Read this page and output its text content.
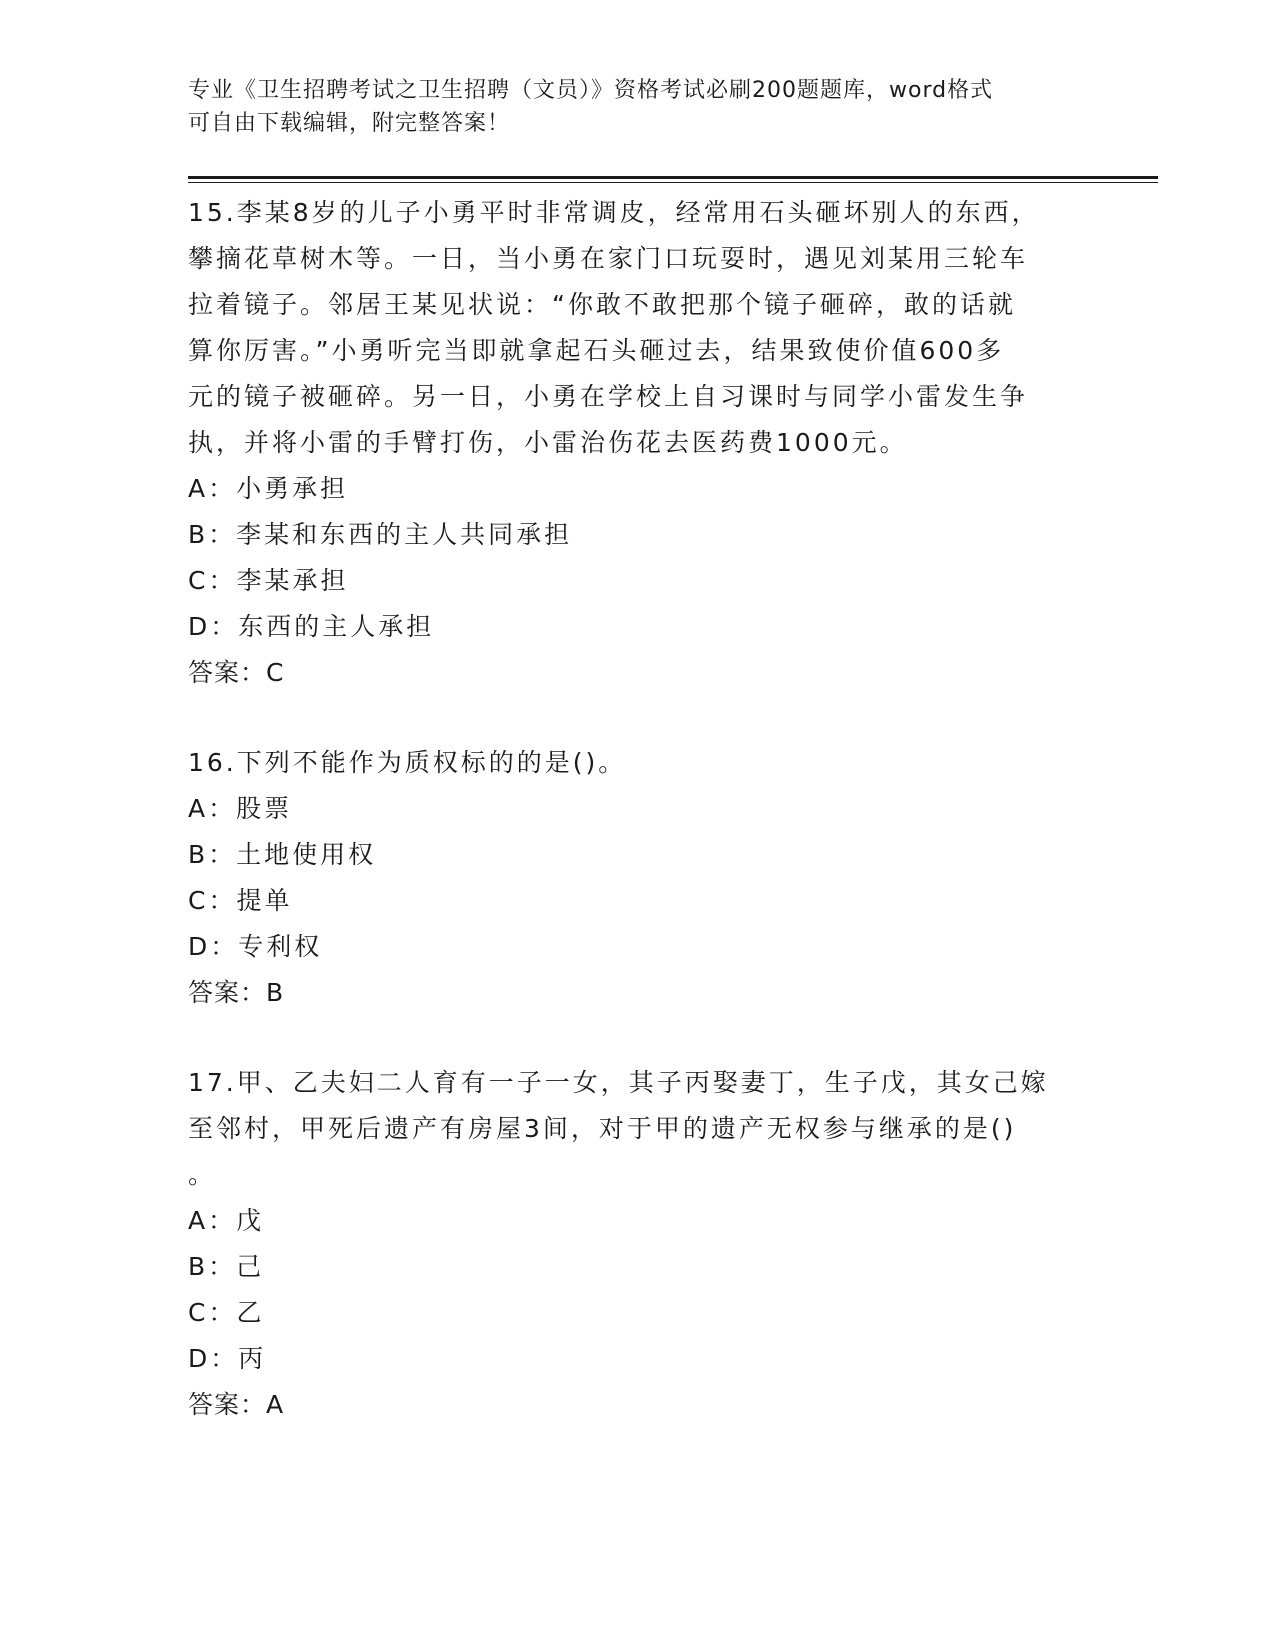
专业《卫生招聘考试之卫生招聘（文员）》资格考试必刷200题题库，word格式
可自由下载编辑，附完整答案！
15.李某8岁的儿子小勇平时非常调皮，经常用石头砸坏别人的东西，
攀摘花草树木等。一日，当小勇在家门口玩耍时，遇见刘某用三轮车
拉着镜子。邻居王某见状说：“你敢不敢把那个镜子砸碎，敢的话就
算你厉害。”小勇听完当即就拿起石头砸过去，结果致使价值600多
元的镜子被砸碎。另一日，小勇在学校上自习课时与同学小雷发生争
执，并将小雷的手臂打伤，小雷治伤花去医药费1000元。
A：小勇承担
B：李某和东西的主人共同承担
C：李某承担
D：东西的主人承担
答案：C
16.下列不能作为质权标的的是()。
A：股票
B：土地使用权
C：提单
D：专利权
答案：B
17.甲、乙夫妇二人育有一子一女，其子丙娶妻丁，生子戊，其女己嫁
至邻村，甲死后遗产有房屋3间，对于甲的遗产无权参与继承的是()
。
A：戊
B：己
C：乙
D：丙
答案：A
